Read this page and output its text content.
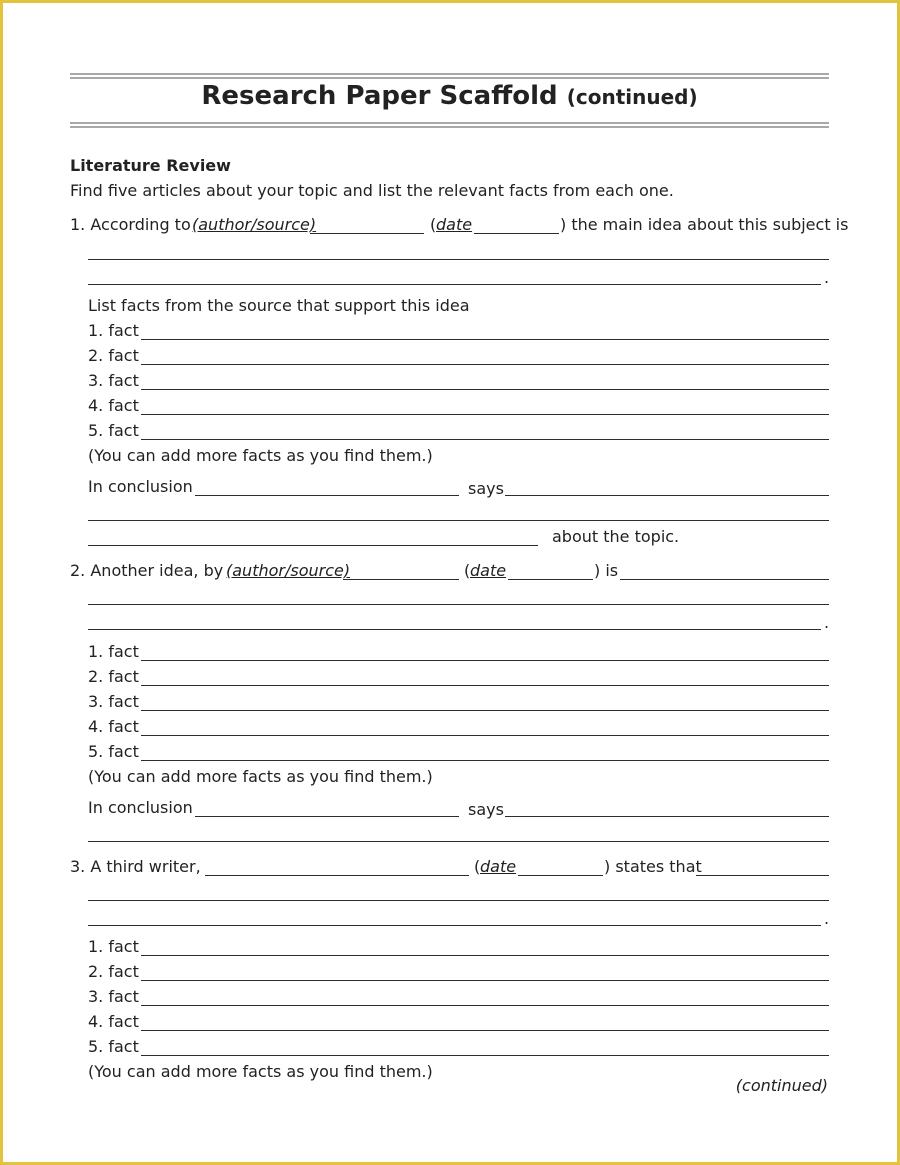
Research Paper Scaffold (continued)
Literature Review
Find five articles about your topic and list the relevant facts from each one.
1. According to (author/source)	( date	) the main idea about this subject is
.
List facts from the source that support this idea
1. fact
2. fact
3. fact
4. fact
5. fact
(You can add more facts as you find them.)
In conclusion	says
about the topic.
2. Another idea, by (author/source)	( date	) is
.
1. fact
2. fact
3. fact
4. fact
5. fact
(You can add more facts as you find them.)
In conclusion	says
3. A third writer,	( date	) states that
.
1. fact
2. fact
3. fact
4. fact
5. fact
(You can add more facts as you find them.)
(continued)
